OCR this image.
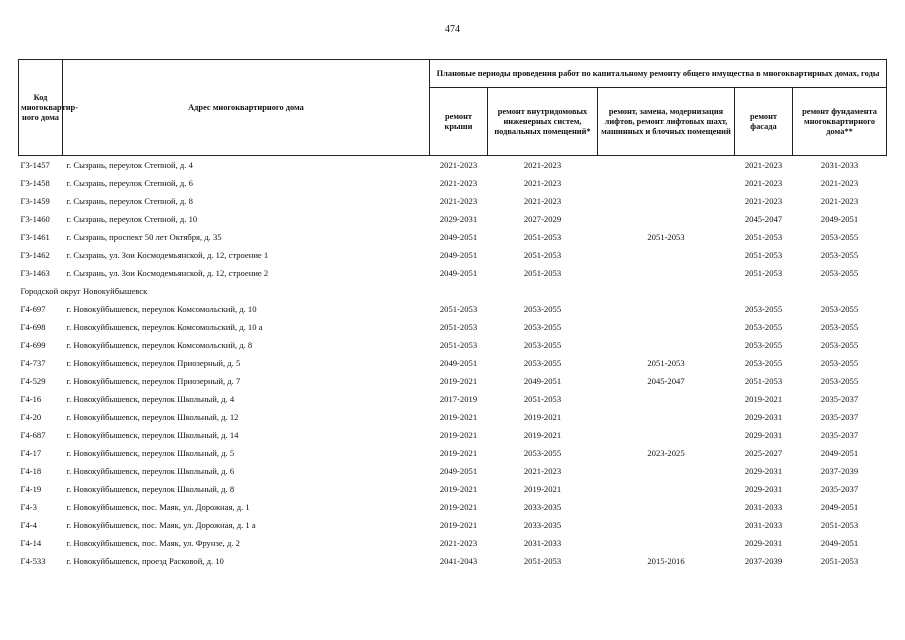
474
Код многоквартирного дома	Адрес многоквартирного дома	Плановые периоды проведения работ по капитальному ремонту общего имущества в многоквартирных домах, годы				
		ремонт крыши	ремонт внутридомовых инженерных систем, подвальных помещений*	ремонт, замена, модернизация лифтов, ремонт лифтовых шахт, машинных и блочных помещений	ремонт фасада	ремонт фундамента многоквартирного дома**
Г3-1457	г. Сызрань, переулок Степной, д. 4	2021-2023	2021-2023		2021-2023	2031-2033
Г3-1458	г. Сызрань, переулок Степной, д. 6	2021-2023	2021-2023		2021-2023	2021-2023
Г3-1459	г. Сызрань, переулок Степной, д. 8	2021-2023	2021-2023		2021-2023	2021-2023
Г3-1460	г. Сызрань, переулок Степной, д. 10	2029-2031	2027-2029		2045-2047	2049-2051
Г3-1461	г. Сызрань, проспект 50 лет Октября, д. 35	2049-2051	2051-2053	2051-2053	2051-2053	2053-2055
Г3-1462	г. Сызрань, ул. Зои Космодемьянской, д. 12, строение 1	2049-2051	2051-2053		2051-2053	2053-2055
Г3-1463	г. Сызрань, ул. Зои Космодемьянской, д. 12, строение 2	2049-2051	2051-2053		2051-2053	2053-2055
Городской округ Новокуйбышевск						
Г4-697	г. Новокуйбышевск, переулок Комсомольский, д. 10	2051-2053	2053-2055		2053-2055	2053-2055
Г4-698	г. Новокуйбышевск, переулок Комсомольский, д. 10 а	2051-2053	2053-2055		2053-2055	2053-2055
Г4-699	г. Новокуйбышевск, переулок Комсомольский, д. 8	2051-2053	2053-2055		2053-2055	2053-2055
Г4-737	г. Новокуйбышевск, переулок Приозерный, д. 5	2049-2051	2053-2055	2051-2053	2053-2055	2053-2055
Г4-529	г. Новокуйбышевск, переулок Приозерный, д. 7	2019-2021	2049-2051	2045-2047	2051-2053	2053-2055
Г4-16	г. Новокуйбышевск, переулок Школьный, д. 4	2017-2019	2051-2053		2019-2021	2035-2037
Г4-20	г. Новокуйбышевск, переулок Школьный, д. 12	2019-2021	2019-2021		2029-2031	2035-2037
Г4-687	г. Новокуйбышевск, переулок Школьный, д. 14	2019-2021	2019-2021		2029-2031	2035-2037
Г4-17	г. Новокуйбышевск, переулок Школьный, д. 5	2019-2021	2053-2055	2023-2025	2025-2027	2049-2051
Г4-18	г. Новокуйбышевск, переулок Школьный, д. 6	2049-2051	2021-2023		2029-2031	2037-2039
Г4-19	г. Новокуйбышевск, переулок Школьный, д. 8	2019-2021	2019-2021		2029-2031	2035-2037
Г4-3	г. Новокуйбышевск, пос. Маяк, ул. Дорожная, д. 1	2019-2021	2033-2035		2031-2033	2049-2051
Г4-4	г. Новокуйбышевск, пос. Маяк, ул. Дорожная, д. 1 а	2019-2021	2033-2035		2031-2033	2051-2053
Г4-14	г. Новокуйбышевск, пос. Маяк, ул. Фрунзе, д. 2	2021-2023	2031-2033		2029-2031	2049-2051
Г4-533	г. Новокуйбышевск, проезд Расковой, д. 10	2041-2043	2051-2053	2015-2016	2037-2039	2051-2053
